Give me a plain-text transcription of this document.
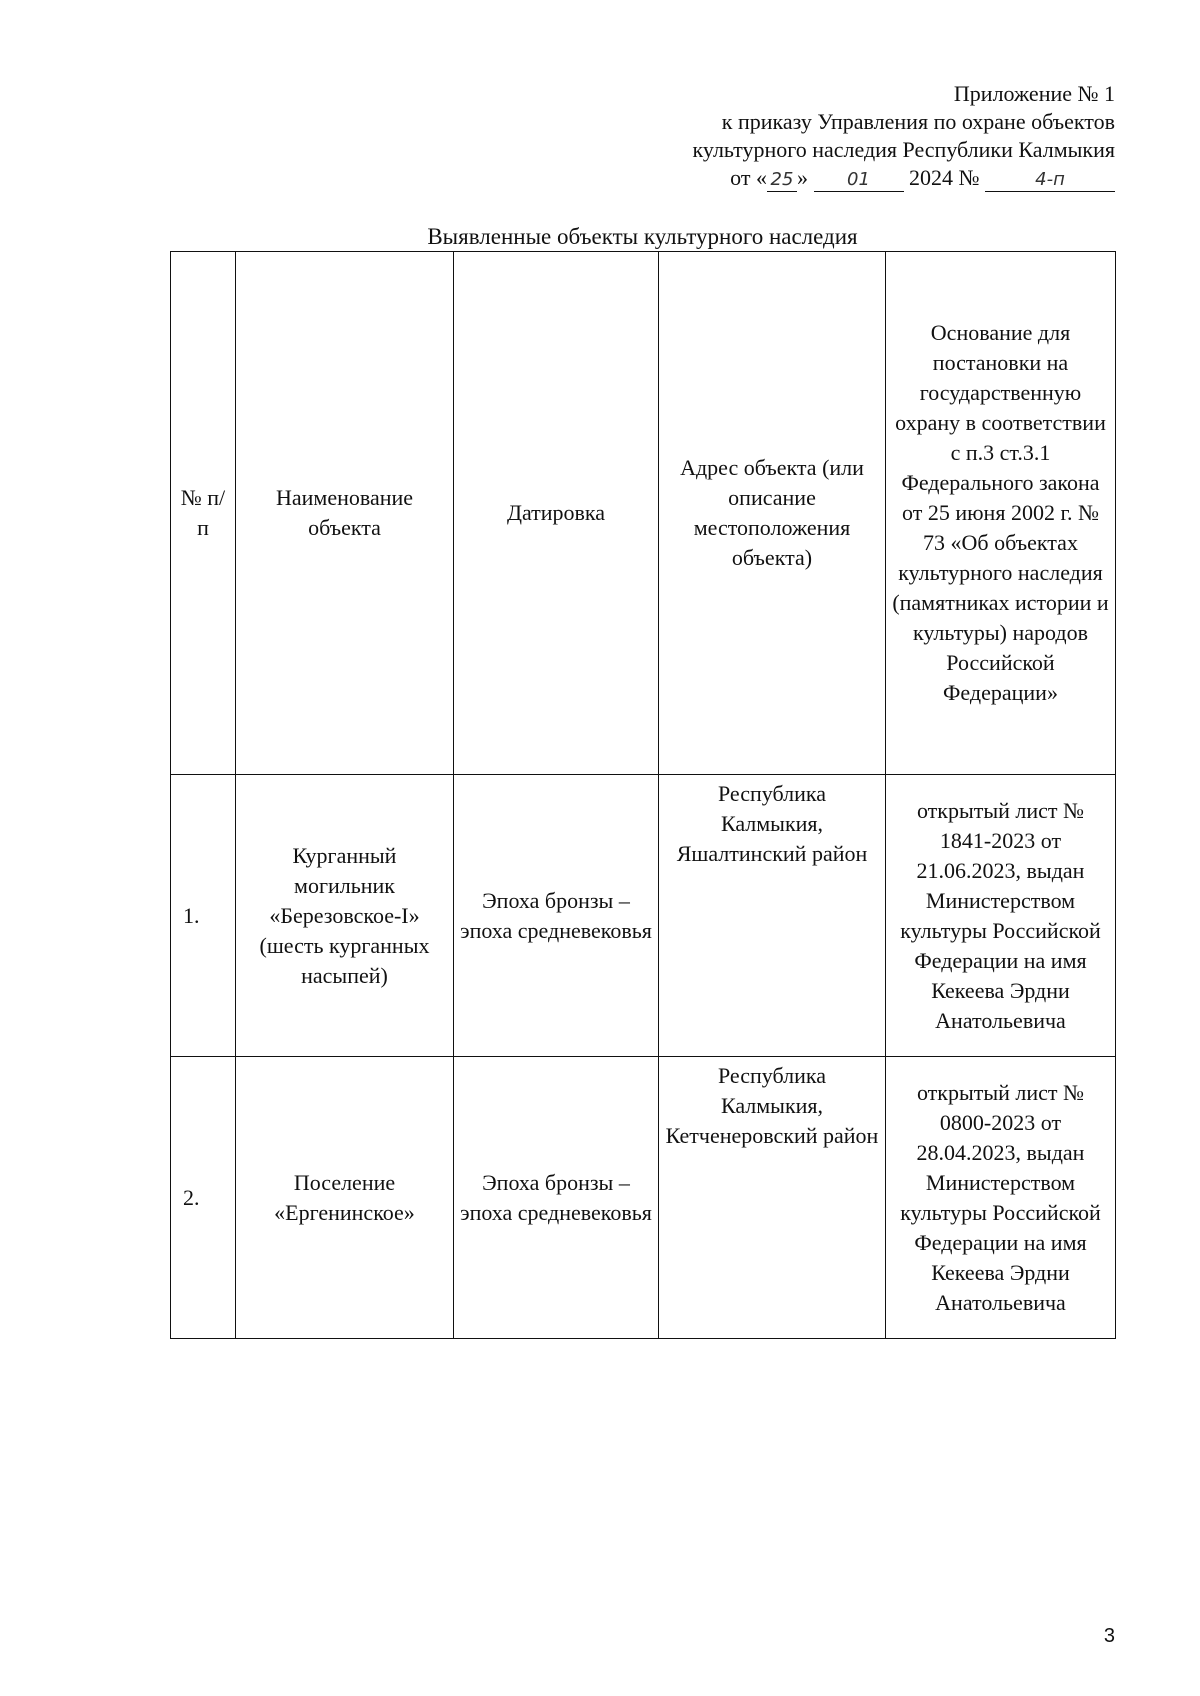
Приложение № 1
к приказу Управления по охране объектов
культурного наследия Республики Калмыкия
от « 25 » 01 2024 №	4-п
Выявленные объекты культурного наследия
№ п/п	Наименование объекта	Датировка	Адрес объекта (или описание местоположения объекта)	Основание для постановки на государственную охрану в соответствии с п.3 ст.3.1 Федерального закона от 25 июня 2002 г. № 73 «Об объектах культурного наследия (памятниках истории и культуры) народов Российской Федерации»
1.	Курганный могильник «Березовское-I» (шесть курганных насыпей)	Эпоха бронзы – эпоха средневековья	Республика Калмыкия, Яшалтинский район	открытый лист № 1841-2023 от 21.06.2023, выдан Министерством культуры Российской Федерации на имя Кекеева Эрдни Анатольевича
2.	Поселение «Ергенинское»	Эпоха бронзы – эпоха средневековья	Республика Калмыкия, Кетченеровский район	открытый лист № 0800-2023 от 28.04.2023, выдан Министерством культуры Российской Федерации на имя Кекеева Эрдни Анатольевича
3
